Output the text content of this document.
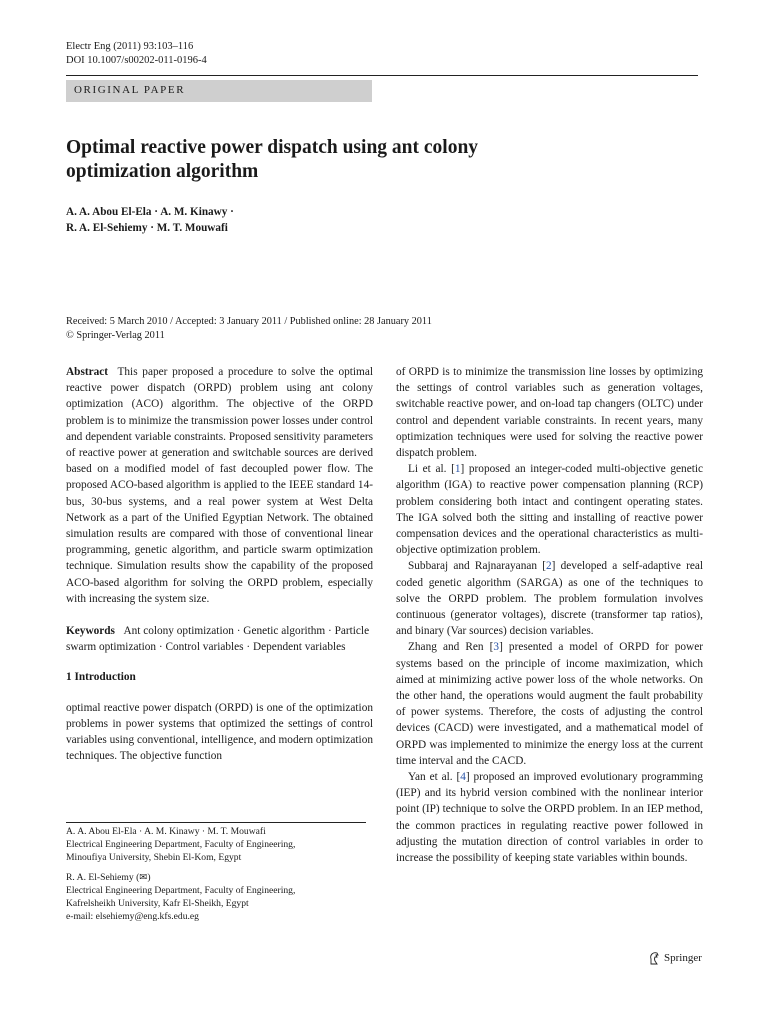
Electr Eng (2011) 93:103–116
DOI 10.1007/s00202-011-0196-4
ORIGINAL PAPER
Optimal reactive power dispatch using ant colony optimization algorithm
A. A. Abou El-Ela · A. M. Kinawy ·
R. A. El-Sehiemy · M. T. Mouwafi
Received: 5 March 2010 / Accepted: 3 January 2011 / Published online: 28 January 2011
© Springer-Verlag 2011

Abstract This paper proposed a procedure to solve the optimal reactive power dispatch (ORPD) problem using ant colony optimization (ACO) algorithm. The objective of the ORPD problem is to minimize the transmission power losses under control and dependent variable constraints. Proposed sensitivity parameters of reactive power at generation and switchable sources are derived based on a modified model of fast decoupled power flow. The proposed ACO-based algorithm is applied to the IEEE standard 14-bus, 30-bus systems, and a real power system at West Delta Network as a part of the Unified Egyptian Network. The obtained simulation results are compared with those of conventional linear programming, genetic algorithm, and particle swarm optimization technique. Simulation results show the capability of the proposed ACO-based algorithm for solving the ORPD problem, especially with increasing the system size.

Keywords Ant colony optimization · Genetic algorithm · Particle swarm optimization · Control variables · Dependent variables

1 Introduction

optimal reactive power dispatch (ORPD) is one of the optimization problems in power systems that optimized the settings of control variables using conventional, intelligence, and modern optimization techniques. The objective function

of ORPD is to minimize the transmission line losses by optimizing the settings of control variables such as generation voltages, switchable reactive power, and on-load tap changers (OLTC) under control and dependent variable constraints. In recent years, many optimization techniques were used for solving the reactive power dispatch problem.

Li et al. [1] proposed an integer-coded multi-objective genetic algorithm (IGA) to reactive power compensation planning (RCP) problem considering both intact and contingent operating states. The IGA solved both the sitting and installing of reactive power compensation devices and the operational characteristics as multi-objective optimization problem.

Subbaraj and Rajnarayanan [2] developed a self-adaptive real coded genetic algorithm (SARGA) as one of the techniques to solve the ORPD problem. The problem formulation involves continuous (generator voltages), discrete (transformer tap ratios), and binary (Var sources) decision variables.

Zhang and Ren [3] presented a model of ORPD for power systems based on the principle of income maximization, which aimed at minimizing active power loss of the whole networks. On the other hand, the operations would augment the fault probability of power systems. Therefore, the costs of adjusting the control devices (CACD) were investigated, and a mathematical model of ORPD was implemented to minimize the energy loss at the current time interval and the CACD.

Yan et al. [4] proposed an improved evolutionary programming (IEP) and its hybrid version combined with the nonlinear interior point (IP) technique to solve the ORPD problem. In an IEP method, the common practices in regulating reactive power followed in adjusting the mutation direction of control variables in order to increase the possibility of keeping state variables within bounds.

A. A. Abou El-Ela · A. M. Kinawy · M. T. Mouwafi

Electrical Engineering Department, Faculty of Engineering,

Minoufiya University, Shebin El-Kom, Egypt

R. A. El-Sehiemy (✉)

Electrical Engineering Department, Faculty of Engineering,

Kafrelsheikh University, Kafr El-Sheikh, Egypt

e-mail: elsehiemy@eng.kfs.edu.eg

Springer
